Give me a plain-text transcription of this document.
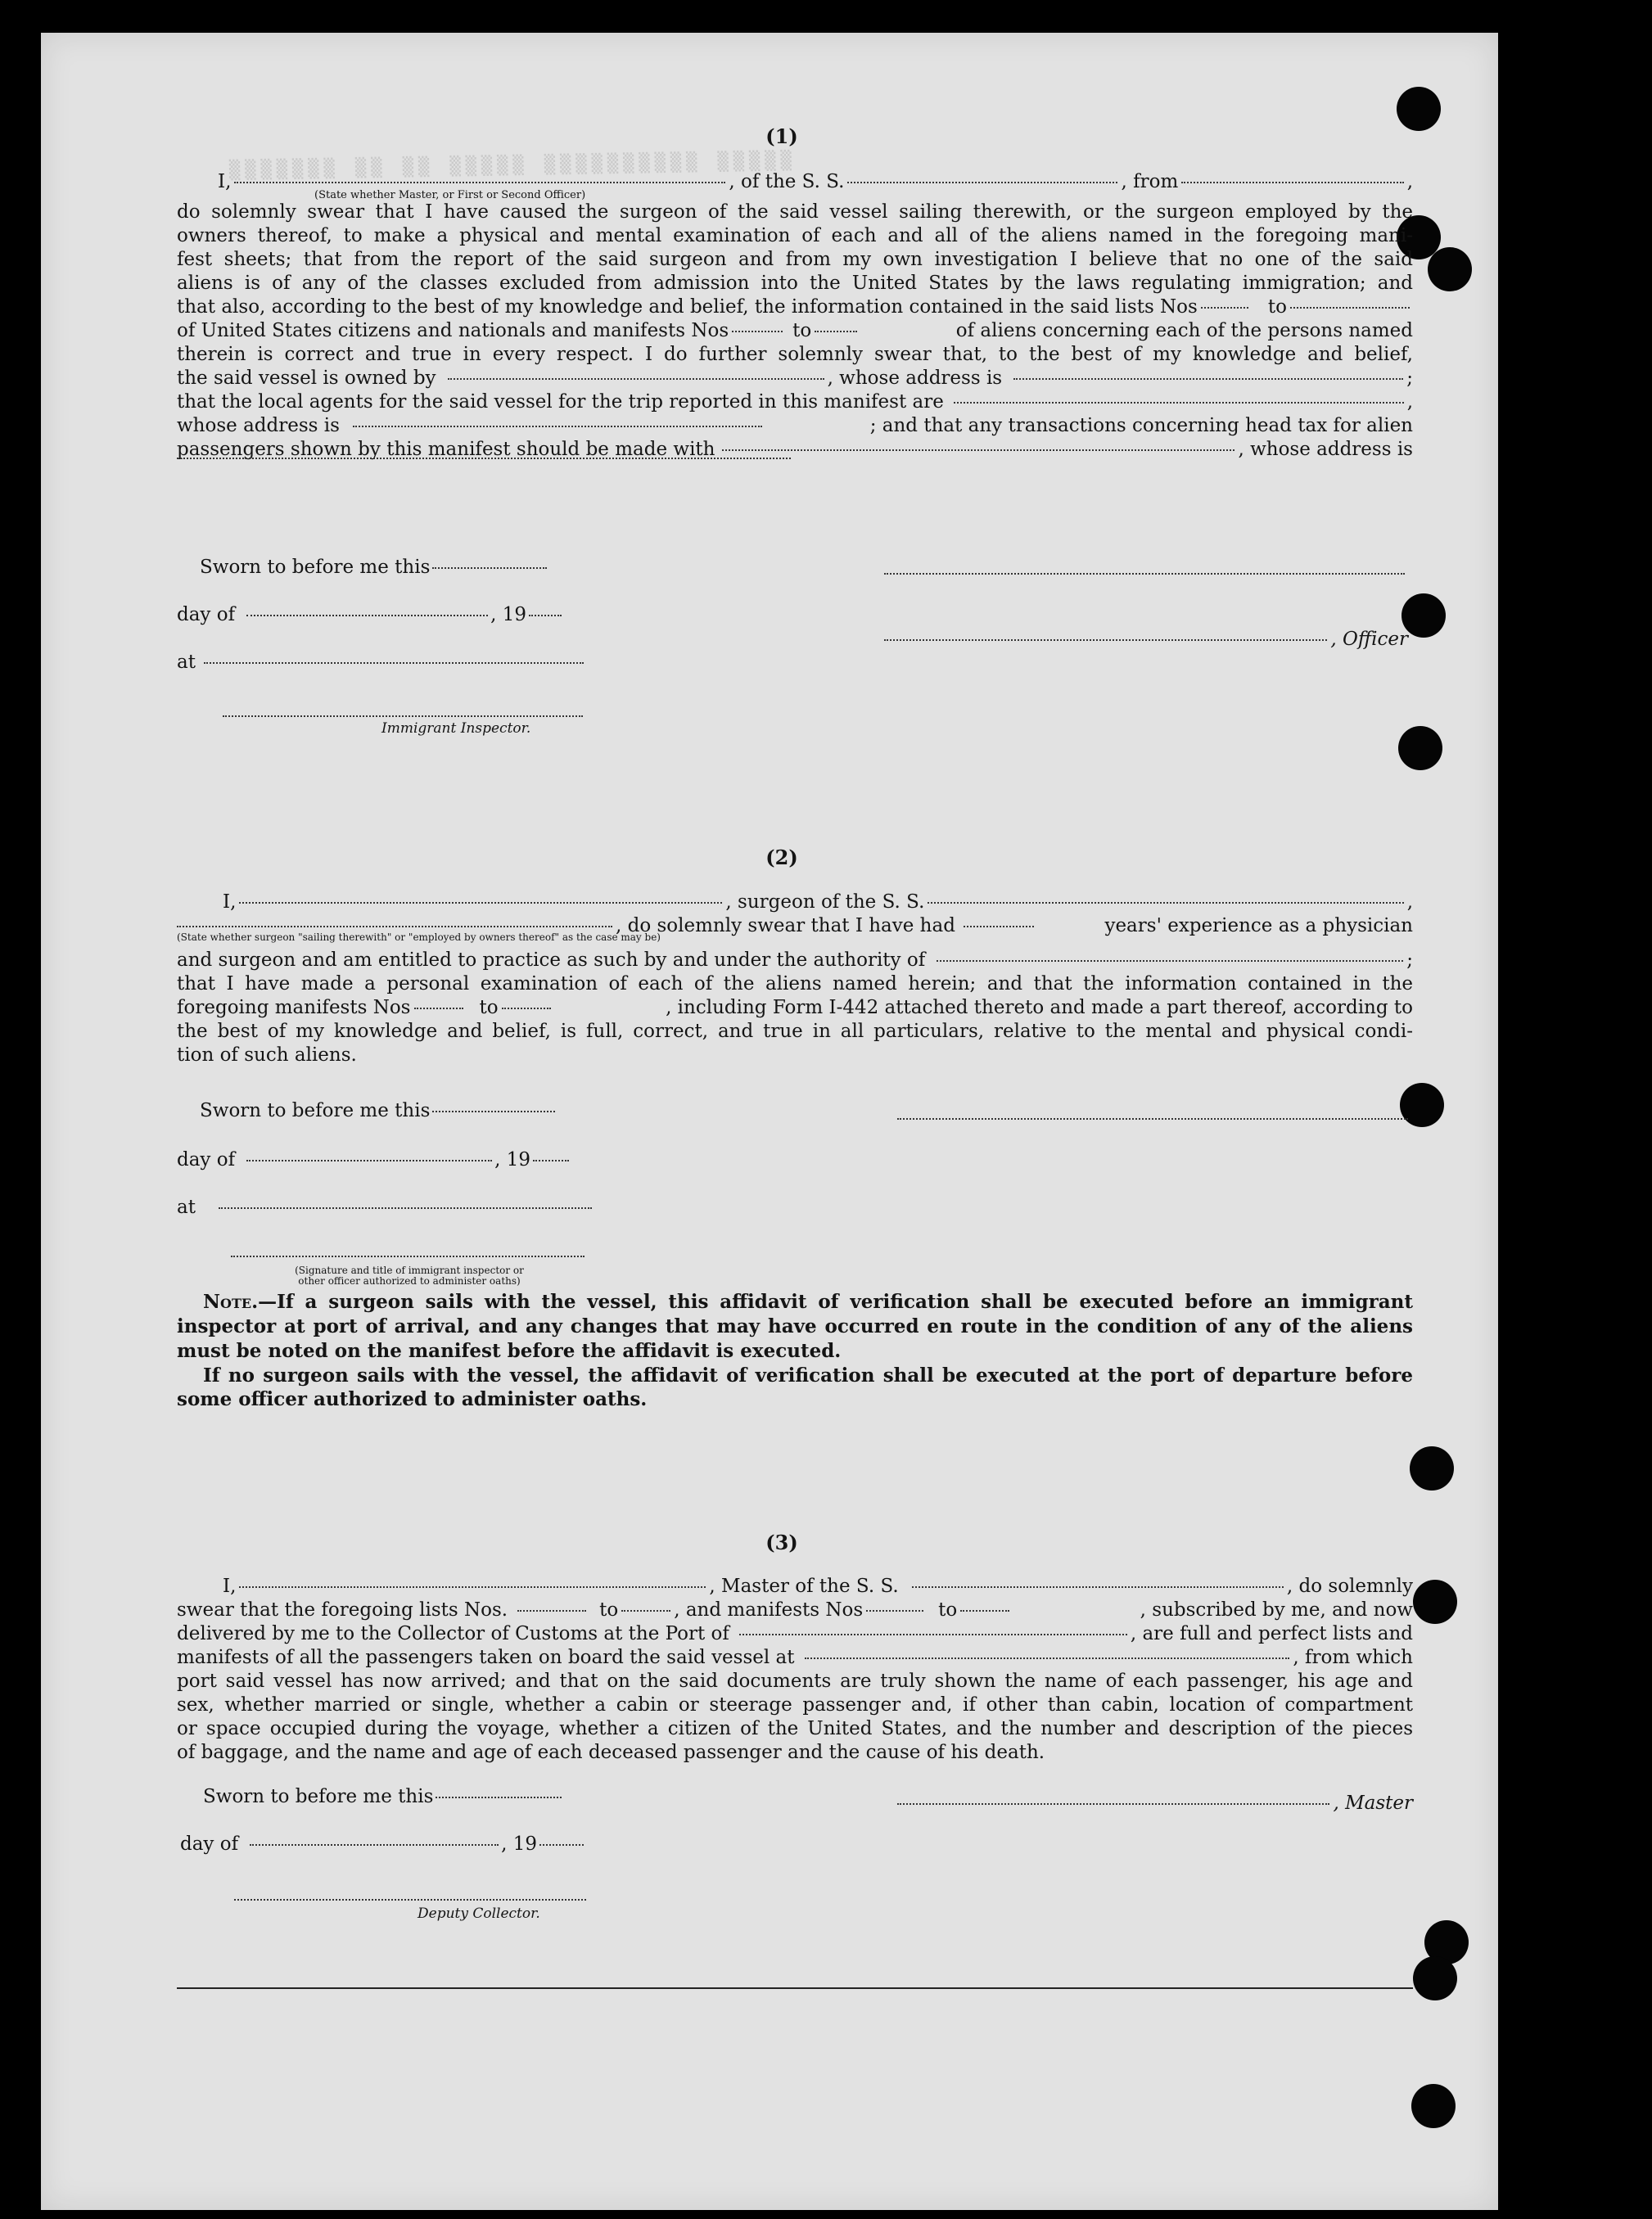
▒▒▒▒▒▒▒ ▒▒ ▒▒ ▒▒▒▒▒ ▒▒▒▒▒▒▒▒▒▒ ▒▒▒▒▒
(1)
I,	, of the S. S.	, from	,
(State whether Master, or First or Second Officer)

do solemnly swear that I have caused the surgeon of the said vessel sailing therewith, or the surgeon employed by the

owners thereof, to make a physical and mental examination of each and all of the aliens named in the foregoing mani-

fest sheets; that from the report of the said surgeon and from my own investigation I believe that no one of the said

aliens is of any of the classes excluded from admission into the United States by the laws regulating immigration; and

that also, according to the best of my knowledge and belief, the information contained in the said lists Nos	to
of United States citizens and nationals and manifests Nos	to	of aliens concerning each of the persons named

therein is correct and true in every respect. I do further solemnly swear that, to the best of my knowledge and belief,

the said vessel is owned by	, whose address is	;
that the local agents for the said vessel for the trip reported in this manifest are	,
whose address is	; and that any transactions concerning head tax for alien
passengers shown by this manifest should be made with	, whose address is
Sworn to before me this
day of	, 19
, Officer
at
Immigrant Inspector.
(2)
I,	, surgeon of the S. S.	,
, do solemnly swear that I have had	years' experience as a physician
(State whether surgeon "sailing therewith" or "employed by owners thereof" as the case may be)
and surgeon and am entitled to practice as such by and under the authority of	;

that I have made a personal examination of each of the aliens named herein; and that the information contained in the

foregoing manifests Nos	to	, including Form I-442 attached thereto and made a part thereof, according to

the best of my knowledge and belief, is full, correct, and true in all particulars, relative to the mental and physical condi-

tion of such aliens.

Sworn to before me this
day of	, 19
at
(Signature and title of immigrant inspector or
other officer authorized to administer oaths)

Note.—If a surgeon sails with the vessel, this affidavit of verification shall be executed before an immigrant inspector at port of arrival, and any changes that may have occurred en route in the condition of any of the aliens must be noted on the manifest before the affidavit is executed.

If no surgeon sails with the vessel, the affidavit of verification shall be executed at the port of departure before some officer authorized to administer oaths.

(3)
I,	, Master of the S. S.	, do solemnly
swear that the foregoing lists Nos.	to	, and manifests Nos	to	, subscribed by me, and now
delivered by me to the Collector of Customs at the Port of	, are full and perfect lists and
manifests of all the passengers taken on board the said vessel at	, from which

port said vessel has now arrived; and that on the said documents are truly shown the name of each passenger, his age and

sex, whether married or single, whether a cabin or steerage passenger and, if other than cabin, location of compartment

or space occupied during the voyage, whether a citizen of the United States, and the number and description of the pieces

of baggage, and the name and age of each deceased passenger and the cause of his death.

Sworn to before me this	, Master
day of	, 19
Deputy Collector.
